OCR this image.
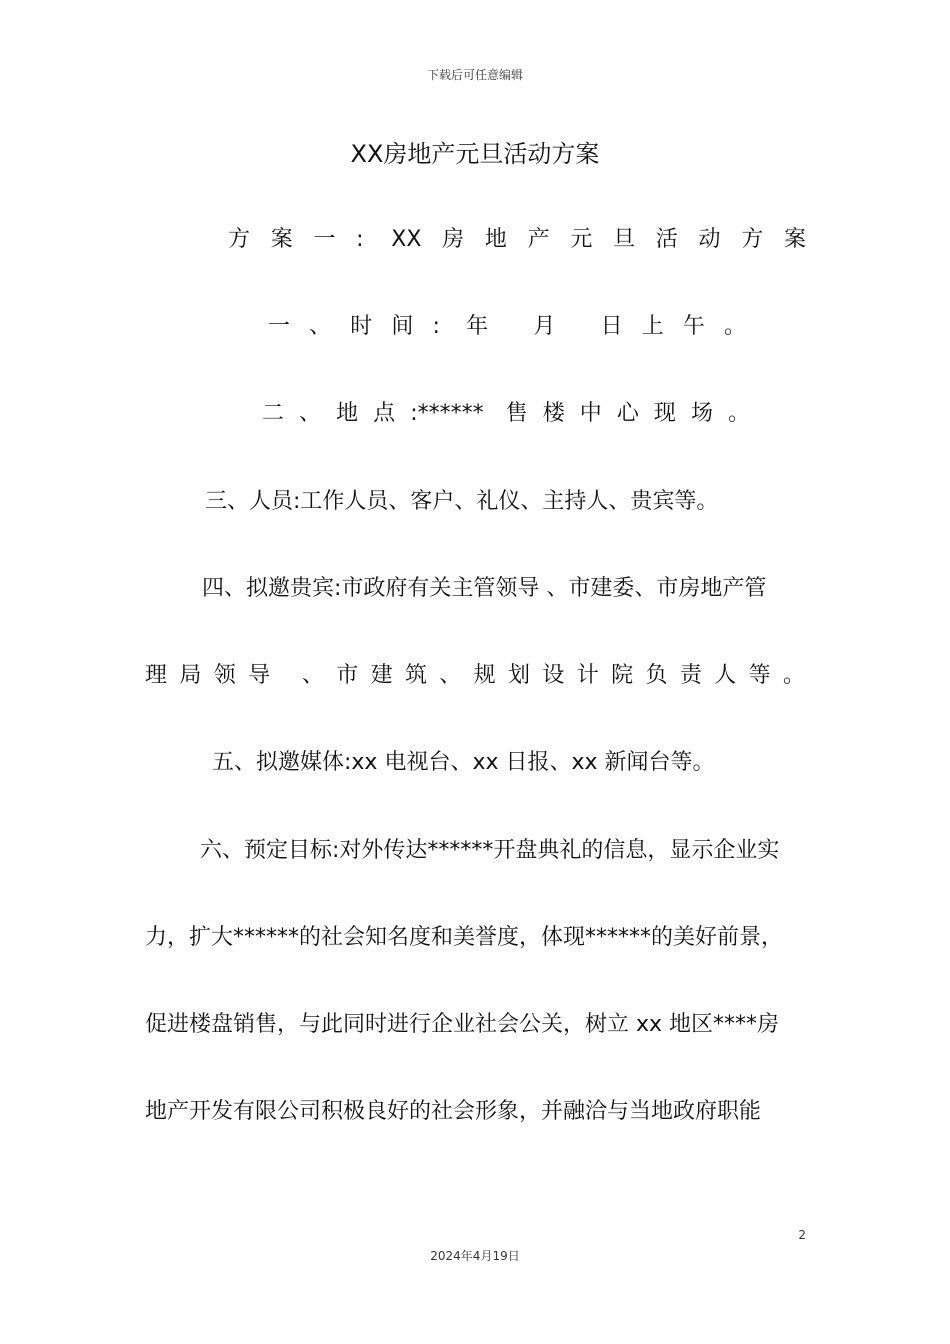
下载后可任意编辑
XX房地产元旦活动方案
方案一: XX房地产元旦活动方案
一、时间: 年 月 日上午。
二、地点:****** 售楼中心现场。
三、人员:工作人员、客户、礼仪、主持人、贵宾等。
四、拟邀贵宾:市政府有关主管领导 、市建委、市房地产管
理局领导 、市建筑、规划设计院负责人等。
五、拟邀媒体:xx 电视台、xx 日报、xx 新闻台等。
六、预定目标:对外传达******开盘典礼的信息，显示企业实
力，扩大******的社会知名度和美誉度，体现******的美好前景，
促进楼盘销售，与此同时进行企业社会公关，树立 xx 地区****房
地产开发有限公司积极良好的社会形象，并融洽与当地政府职能
2
2024年4月19日
